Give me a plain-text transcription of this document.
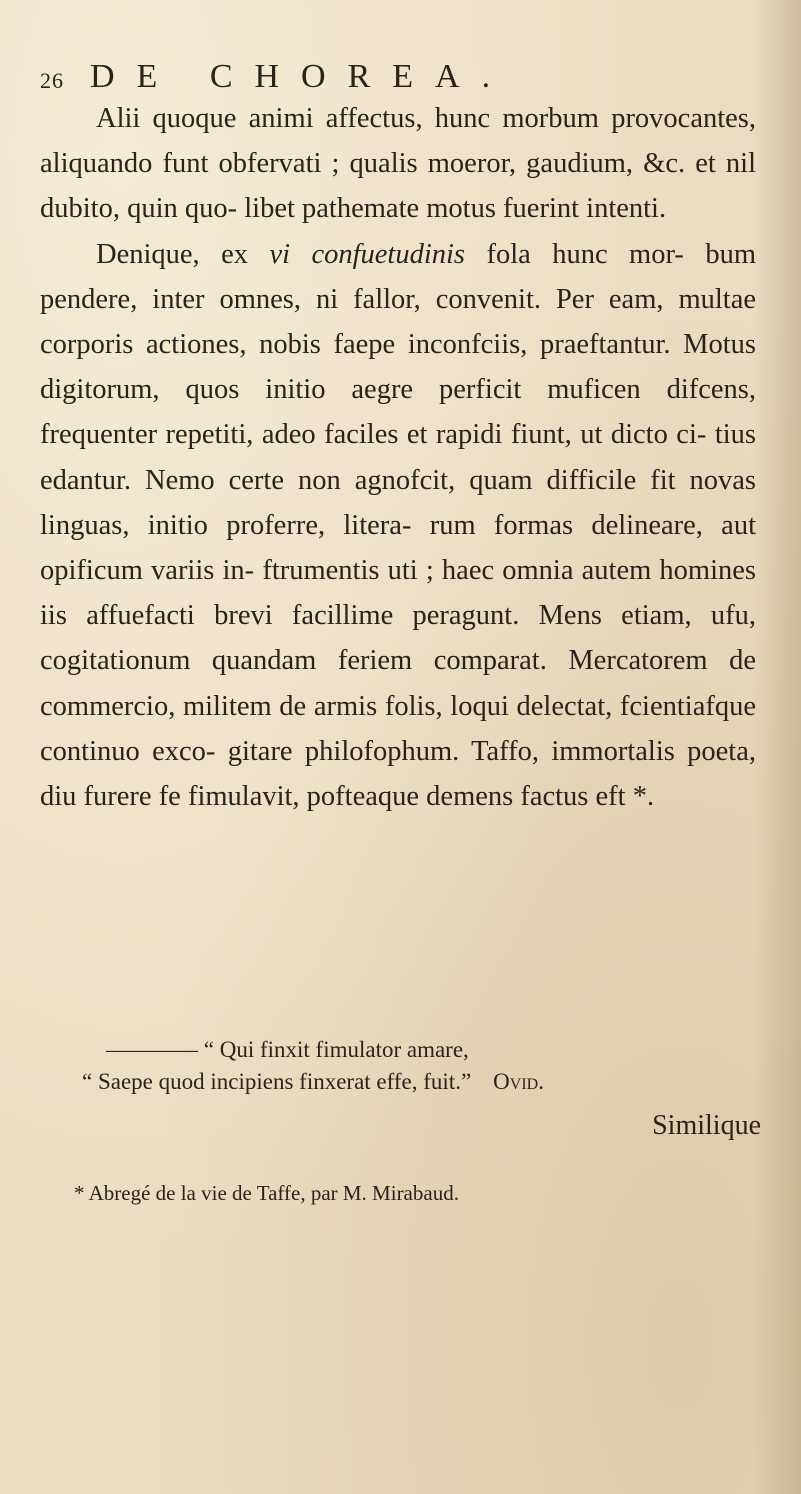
26 DE CHOREA.

Alii quoque animi affectus, hunc morbum provocantes, aliquando funt obfervati ; qualis moeror, gaudium, &c. et nil dubito, quin quo- libet pathemate motus fuerint intenti.

Denique, ex vi confuetudinis fola hunc mor- bum pendere, inter omnes, ni fallor, convenit. Per eam, multae corporis actiones, nobis faepe inconfciis, praeftantur. Motus digitorum, quos initio aegre perficit muficen difcens, frequenter repetiti, adeo faciles et rapidi fiunt, ut dicto ci- tius edantur. Nemo certe non agnofcit, quam difficile fit novas linguas, initio proferre, litera- rum formas delineare, aut opificum variis in- ftrumentis uti ; haec omnia autem homines iis affuefacti brevi facillime peragunt. Mens etiam, ufu, cogitationum quandam feriem comparat. Mercatorem de commercio, militem de armis folis, loqui delectat, fcientiafque continuo exco- gitare philofophum. Taffo, immortalis poeta, diu furere fe fimulavit, pofteaque demens factus eft *.

———— “ Qui finxit fimulator amare,
“ Saepe quod incipiens finxerat effe, fuit.” Ovid.
Similique
* Abregé de la vie de Taffe, par M. Mirabaud.
